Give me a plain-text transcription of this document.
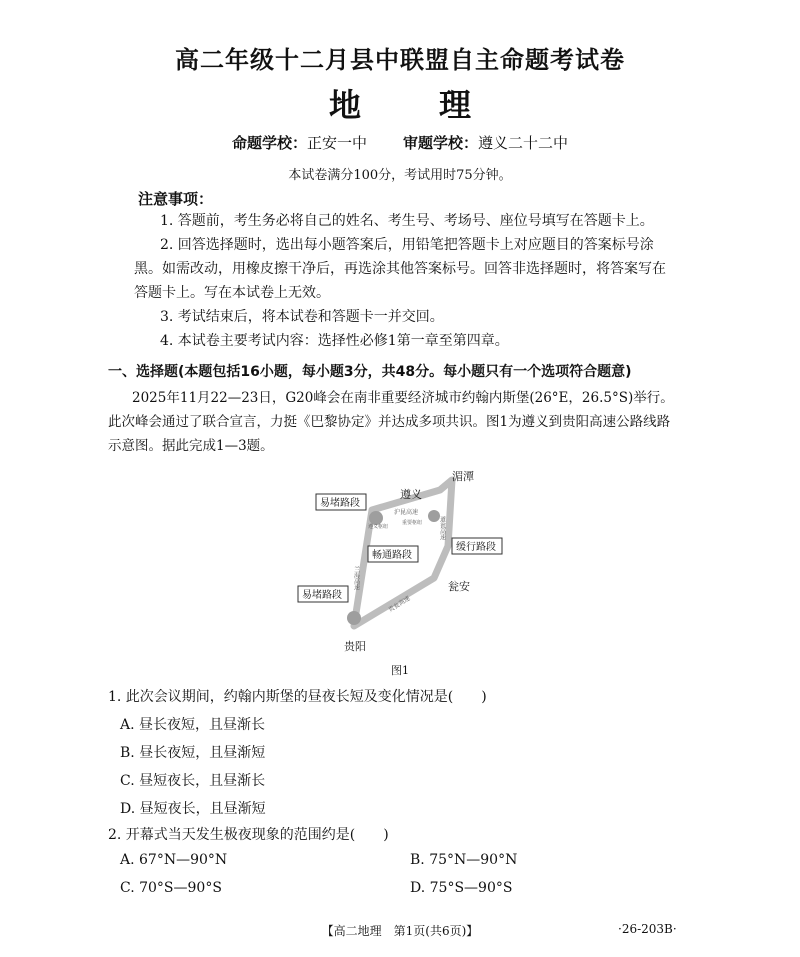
高二年级十二月县中联盟自主命题考试卷
地 理
命题学校：正安一中 审题学校：遵义二十二中
本试卷满分100分，考试用时75分钟。
注意事项：
1. 答题前，考生务必将自己的姓名、考生号、考场号、座位号填写在答题卡上。
2. 回答选择题时，选出每小题答案后，用铅笔把答题卡上对应题目的答案标号涂
黑。如需改动，用橡皮擦干净后，再选涂其他答案标号。回答非选择题时，将答案写在
答题卡上。写在本试卷上无效。
3. 考试结束后，将本试卷和答题卡一并交回。
4. 本试卷主要考试内容：选择性必修1第一章至第四章。
一、选择题(本题包括16小题，每小题3分，共48分。每小题只有一个选项符合题意)
2025年11月22—23日，G20峰会在南非重要经济城市约翰内斯堡(26°E，26.5°S)举行。
此次峰会通过了联合宣言，力挺《巴黎协定》并达成多项共识。图1为遵义到贵阳高速公路线路
示意图。据此完成1—3题。
遵义
湄潭
瓮安
贵阳
沪昆高速
重要枢纽
遵义枢纽
兰海高速
道瓮高速
贵瓮高速
易堵路段
畅通路段
缓行路段
易堵路段
图1
1. 此次会议期间，约翰内斯堡的昼夜长短及变化情况是(　　)
A. 昼长夜短，且昼渐长
B. 昼长夜短，且昼渐短
C. 昼短夜长，且昼渐长
D. 昼短夜长，且昼渐短
2. 开幕式当天发生极夜现象的范围约是(　　)
A. 67°N—90°N	B. 75°N—90°N
C. 70°S—90°S	D. 75°S—90°S
【高二地理　第1页(共6页)】	·26-203B·
